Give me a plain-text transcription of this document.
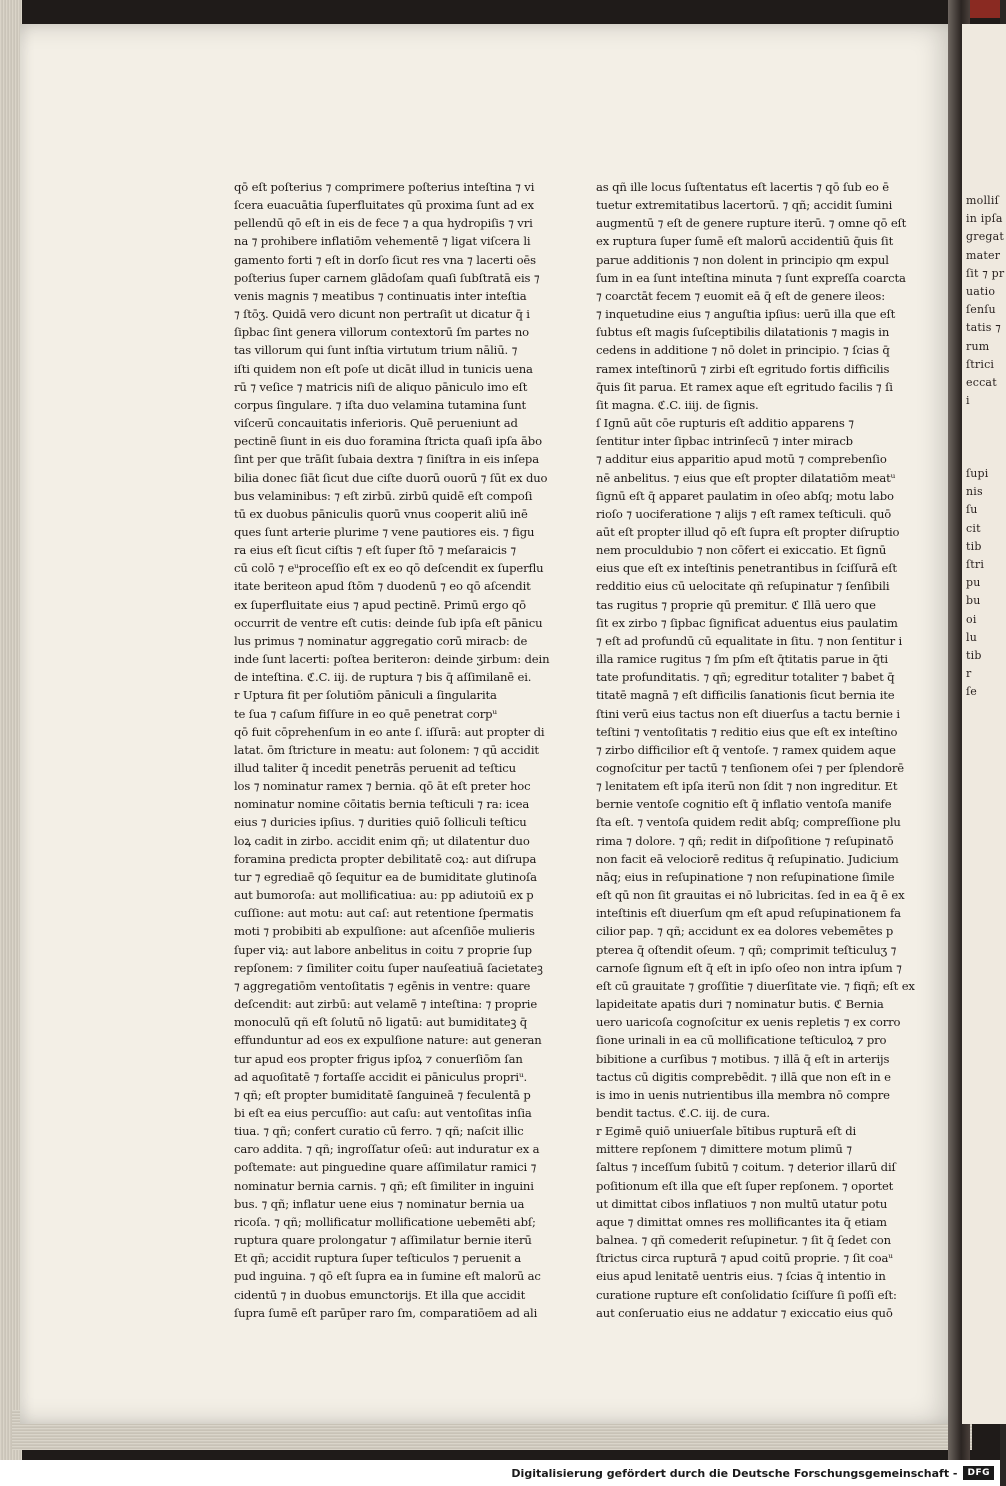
molliſ
in ipſa
gregat
mater
ſit ⁊ pr
uatio
ſenſu
tatis ⁊
rum
ſtrici
eccat
i

ſupi
nis
ſu
cit
tib
ſtri
pu
bu
oi
lu
tib
r
ſe

qō eſt poſterius ⁊ comprimere poſterius inteſtina ⁊ vi
ſcera euacuātia ſuperfluitates qū proxima ſunt ad ex
pellendū qō eſt in eis de fece ⁊ a qua hydropiſis ⁊ vri
na ⁊ prohibere inflatiōm vehementē ⁊ ligat viſcera li
gamento forti ⁊ eſt in dorſo ſicut res vna ⁊ lacerti oēs
poſterius ſuper carnem glādoſam quaſi ſubſtratā eis ⁊
venis magnis ⁊ meatibus ⁊ continuatis inter inteſtia
⁊ ſtōʒ. Quidā vero dicunt non pertraſit ut dicatur q̄ i
ſipbac ſint genera villorum contextorū ſm partes no
tas villorum qui ſunt inſtia virtutum trium nāliū. ⁊
iſti quidem non eſt poſe ut dicāt illud in tunicis uena
rū ⁊ veſice ⁊ matricis niſi de aliquo pāniculo imo eſt
corpus ſingulare. ⁊ iſta duo velamina tutamina ſunt
viſcerū concauitatis inferioris. Quē perueniunt ad
pectinē ſiunt in eis duo foramina ſtricta quaſi ipſa ābo
ſint per que trāſit ſubaia dextra ⁊ ſiniſtra in eis inſepa
bilia donec ſiāt ſicut due ciſte duorū ouorū ⁊ ſūt ex duo
bus velaminibus: ⁊ eſt zirbū. zirbū quidē eſt compoſi
tū ex duobus pāniculis quorū vnus cooperit aliū inē
ques ſunt arterie plurime ⁊ vene pautiores eis. ⁊ figu
ra eius eſt ſicut ciſtis ⁊ eſt ſuper ſtō ⁊ meſaraicis ⁊
cū colō ⁊ eᵘproceſſio eſt ex eo qō deſcendit ex ſuperflu
itate beriteon apud ſtōm ⁊ duodenū ⁊ eo qō aſcendit
ex ſuperfluitate eius ⁊ apud pectinē. Primū ergo qō
occurrit de ventre eſt cutis: deinde ſub ipſa eſt pānicu
lus primus ⁊ nominatur aggregatio corū miracb: de
inde ſunt lacerti: poſtea beriteron: deinde ʒirbum: dein
de inteſtina. ℭ.C. iij. de ruptura ⁊ bis q̄ aſſimilanē ei.
r Uptura fit per ſolutiōm pāniculi a ſingularita
te ſua ⁊ caſum fiſſure in eo quē penetrat corpᵘ
qō fuit cōprehenſum in eo ante ſ. iſſurā: aut propter di
latat. ōm ſtricture in meatu: aut ſolonem: ⁊ qū accidit
illud taliter q̄ incedit penetrās peruenit ad teſticu
los ⁊ nominatur ramex ⁊ bernia. qō āt eſt preter hoc
nominatur nomine cōitatis bernia teſticuli ⁊ ra: icea
eius ⁊ duricies ipſius. ⁊ durities quiō ſolliculi teſticu
loꝝ cadit in zirbo. accidit enim qñ; ut dilatentur duo
foramina predicta propter debilitatē coꝝ: aut diſrupa
tur ⁊ egrediaē qō ſequitur ea de bumiditate glutinoſa
aut bumoroſa: aut mollificatiua: au: pp adiutoiū ex p
cuſſione: aut motu: aut caſ: aut retentione ſpermatis
moti ⁊ probibiti ab expulſione: aut aſcenſiōe mulieris
ſuper viꝝ: aut labore anbelitus in coitu ⁊ proprie ſup
repſonem: ⁊ ſimiliter coitu ſuper nauſeatiuā ſacietateꝫ
⁊ aggregatiōm ventoſitatis ⁊ egēnis in ventre: quare
deſcendit: aut zirbū: aut velamē ⁊ inteſtina: ⁊ proprie
monoculū qñ eſt ſolutū nō ligatū: aut bumiditateꝫ q̄
effunduntur ad eos ex expulſione nature: aut generan
tur apud eos propter frigus ipſoꝝ ⁊ conuerſiōm ſan
ad aquoſitatē ⁊ fortaſſe accidit ei pāniculus propriᵘ.
⁊ qñ; eſt propter bumiditatē ſanguineā ⁊ feculentā p
bi eſt ea eius percuſſio: aut caſu: aut ventoſitas inſia
tiua. ⁊ qñ; confert curatio cū ferro. ⁊ qñ; naſcit illic
caro addita. ⁊ qñ; ingroſſatur oſeū: aut induratur ex a
poſtemate: aut pinguedine quare aſſimilatur ramici ⁊
nominatur bernia carnis. ⁊ qñ; eſt ſimiliter in inguini
bus. ⁊ qñ; inflatur uene eius ⁊ nominatur bernia ua
ricoſa. ⁊ qñ; mollificatur mollificatione uebemēti abſ;
ruptura quare prolongatur ⁊ aſſimilatur bernie iterū
Et qñ; accidit ruptura ſuper teſticulos ⁊ peruenit a
pud inguina. ⁊ qō eſt ſupra ea in ſumine eſt malorū ac
cidentū ⁊ in duobus emunctorijs. Et illa que accidit
ſupra ſumē eſt parūper raro ſm, comparatiōem ad ali
as qñ ille locus ſuſtentatus eſt lacertis ⁊ qō ſub eo ē
tuetur extremitatibus lacertorū. ⁊ qñ; accidit ſumini
augmentū ⁊ eſt de genere rupture iterū. ⁊ omne qō eſt
ex ruptura ſuper ſumē eſt malorū accidentiū q̄uis ſit
parue additionis ⁊ non dolent in principio qm expul
ſum in ea ſunt inteſtina minuta ⁊ ſunt expreſſa coarcta
⁊ coarctāt fecem ⁊ euomit eā q̄ eſt de genere ileos:
⁊ inquetudine eius ⁊ anguſtia ipſius: uerū illa que eſt
ſubtus eſt magis ſuſceptibilis dilatationis ⁊ magis in
cedens in additione ⁊ nō dolet in principio. ⁊ ſcias q̄
ramex inteſtinorū ⁊ zirbi eſt egritudo fortis difficilis
q̄uis ſit parua. Et ramex aque eſt egritudo facilis ⁊ ſi
ſit magna. ℭ.C. iiij. de ſignis.
ſ Ignū aūt cōe rupturis eſt additio apparens ⁊
ſentitur inter ſipbac intrinſecū ⁊ inter miracb
⁊ additur eius apparitio apud motū ⁊ comprebenſio
nē anbelitus. ⁊ eius que eſt propter dilatatiōm meatᵘ
ſignū eſt q̄ apparet paulatim in oſeo abſq; motu labo
rioſo ⁊ uociferatione ⁊ alijs ⁊ eſt ramex teſticuli. quō
aūt eſt propter illud qō eſt ſupra eſt propter diſruptio
nem proculdubio ⁊ non cōfert ei exiccatio. Et ſignū
eius que eſt ex inteſtinis penetrantibus in ſciſſurā eſt
redditio eius cū uelocitate qñ reſupinatur ⁊ ſenſibili
tas rugitus ⁊ proprie qū premitur. ℭ Illā uero que
ſit ex zirbo ⁊ ſipbac ſignificat aduentus eius paulatim
⁊ eſt ad profundū cū equalitate in ſitu. ⁊ non ſentitur i
illa ramice rugitus ⁊ ſm pſm eſt q̄titatis parue in q̄ti
tate profunditatis. ⁊ qñ; egreditur totaliter ⁊ babet q̄
titatē magnā ⁊ eſt difficilis ſanationis ſicut bernia ite
ſtini verū eius tactus non eſt diuerſus a tactu bernie i
teſtini ⁊ ventoſitatis ⁊ reditio eius que eſt ex inteſtino
⁊ zirbo difficilior eſt q̄ ventoſe. ⁊ ramex quidem aque
cognoſcitur per tactū ⁊ tenſionem oſei ⁊ per ſplendorē
⁊ lenitatem eſt ipſa iterū non ſdit ⁊ non ingreditur. Et
bernie ventoſe cognitio eſt q̄ inflatio ventoſa manife
ſta eſt. ⁊ ventoſa quidem redit abſq; compreſſione plu
rima ⁊ dolore. ⁊ qñ; redit in diſpoſitione ⁊ reſupinatō
non facit eā velociorē reditus q̄ reſupinatio. Judicium
nāq; eius in reſupinatione ⁊ non reſupinatione ſimile
eſt qū non ſit grauitas ei nō lubricitas. ſed in ea q̄ ē ex
inteſtinis eſt diuerſum qm eſt apud reſupinationem fa
cilior pap. ⁊ qñ; accidunt ex ea dolores vebemētes p
pterea q̄ oſtendit oſeum. ⁊ qñ; comprimit teſticuluʒ ⁊
carnoſe ſignum eſt q̄ eſt in ipſo oſeo non intra ipſum ⁊
eſt cū grauitate ⁊ groſſitie ⁊ diuerſitate vie. ⁊ fiqñ; eſt ex
lapideitate apatis duri ⁊ nominatur butis. ℭ Bernia
uero uaricoſa cognoſcitur ex uenis repletis ⁊ ex corro
ſione urinali in ea cū mollificatione teſticuloꝝ ⁊ pro
bibitione a curſibus ⁊ motibus. ⁊ illā q̄ eſt in arterijs
tactus cū digitis comprebēdit. ⁊ illā que non eſt in e
is imo in uenis nutrientibus illa membra nō compre
bendit tactus. ℭ.C. iij. de cura.
r Egimē quiō uniuerſale bītibus rupturā eſt di
mittere repſonem ⁊ dimittere motum plimū ⁊
ſaltus ⁊ inceſſum ſubitū ⁊ coitum. ⁊ deterior illarū diſ
poſitionum eſt illa que eſt ſuper repſonem. ⁊ oportet
ut dimittat cibos inflatiuos ⁊ non multū utatur potu
aque ⁊ dimittat omnes res mollificantes ita q̄ etiam
balnea. ⁊ qñ comederit reſupinetur. ⁊ ſit q̄ ſedet con
ſtrictus circa rupturā ⁊ apud coitū proprie. ⁊ ſit coaᵘ
eius apud lenitatē uentris eius. ⁊ ſcias q̄ intentio in
curatione rupture eſt conſolidatio ſciſſure ſi poſſi eſt:
aut conſeruatio eius ne addatur ⁊ exiccatio eius quō
Digitalisierung gefördert durch die Deutsche Forschungsgemeinschaft -	DFG
